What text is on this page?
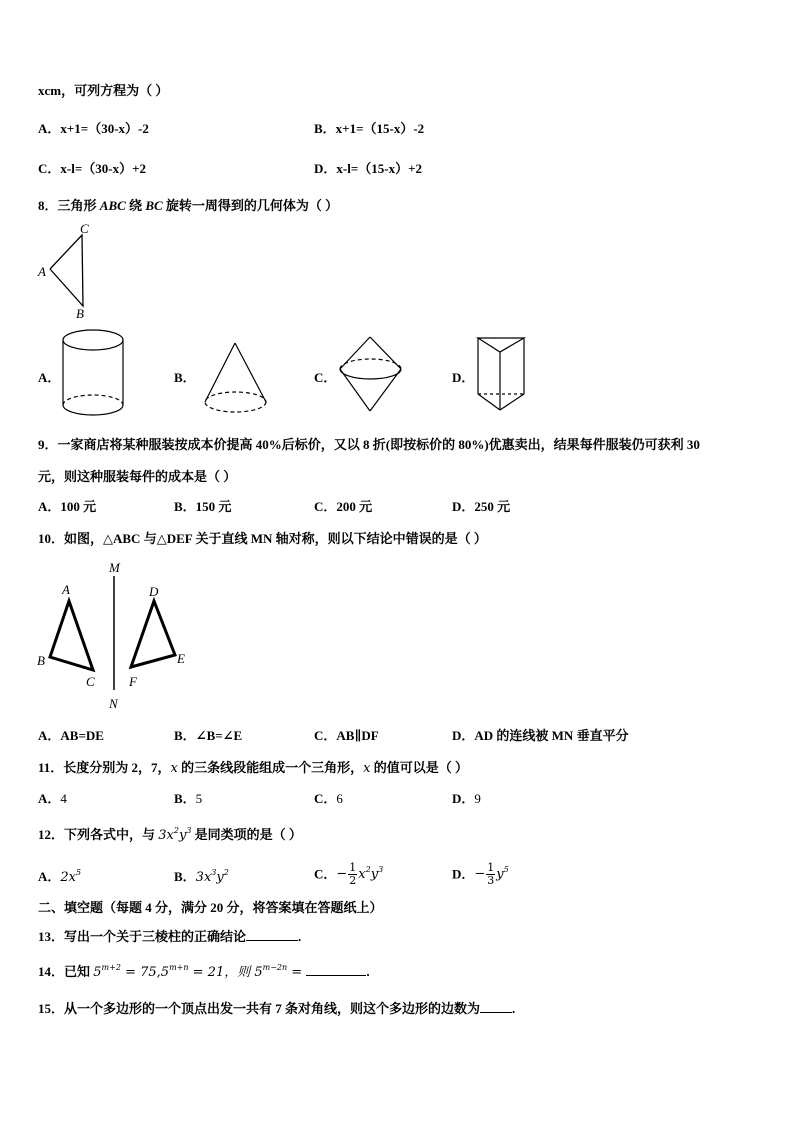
xcm，可列方程为（ ）
A．x+1=（30-x）-2	B．x+1=（15-x）-2
C．x-l=（30-x）+2	D．x-l=（15-x）+2
8．三角形 ABC 绕 BC 旋转一周得到的几何体为（ ）
C
A
B
A．	B．	C．	D．
9．一家商店将某种服装按成本价提高 40%后标价，又以 8 折(即按标价的 80%)优惠卖出，结果每件服装仍可获利 30
元，则这种服装每件的成本是（ ）
A．100 元	B．150 元	C．200 元	D．250 元
10．如图，△ABC 与△DEF 关于直线 MN 轴对称，则以下结论中错误的是（ ）
M
N
A
B
C
D
E
F
A．AB=DE	B．∠B=∠E	C．AB∥DF	D．AD 的连线被 MN 垂直平分
11．长度分别为 2，7，x 的三条线段能组成一个三角形，x 的值可以是（ ）
A．4	B．5	C．6	D．9
12．下列各式中，与 $3x^2y^3$ 是同类项的是（ ）
A．$2x^5$	B．$3x^3y^2$	C．− $\frac{1}{2} x^2y^3$	D．− $\frac{1}{3} y^5$
二、填空题（每题 4 分，满分 20 分，将答案填在答题纸上）
13．写出一个关于三棱柱的正确结论	.
14．已知 $5^{m+2} = 75,5^{m+n} = 21$，则 $5^{m-2n}$ =	.
15．从一个多边形的一个顶点出发一共有 7 条对角线，则这个多边形的边数为 .
